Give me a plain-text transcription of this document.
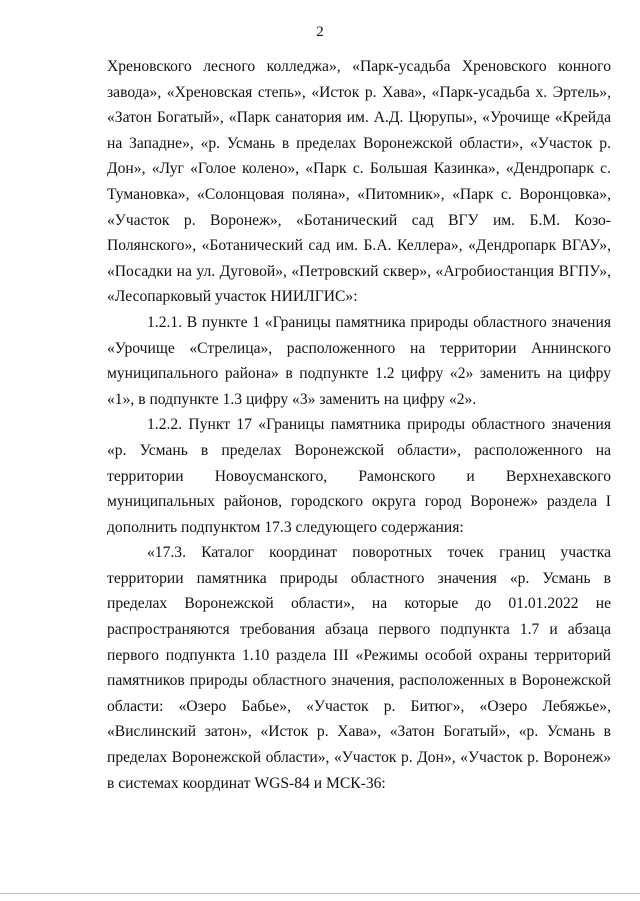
2

Хреновского лесного колледжа», «Парк-усадьба Хреновского конного завода», «Хреновская степь», «Исток р. Хава», «Парк-усадьба х. Эртель», «Затон Богатый», «Парк санатория им. А.Д. Цюрупы», «Урочище «Крейда на Западне», «р. Усмань в пределах Воронежской области», «Участок р. Дон», «Луг «Голое колено», «Парк с. Большая Казинка», «Дендропарк с. Тумановка», «Солонцовая поляна», «Питомник», «Парк с. Воронцовка», «Участок р. Воронеж», «Ботанический сад ВГУ им. Б.М. Козо-Полянского», «Ботанический сад им. Б.А. Келлера», «Дендропарк ВГАУ», «Посадки на ул. Дуговой», «Петровский сквер», «Агробиостанция ВГПУ», «Лесопарковый участок НИИЛГИС»:

1.2.1. В пункте 1 «Границы памятника природы областного значения «Урочище «Стрелица», расположенного на территории Аннинского муниципального района» в подпункте 1.2 цифру «2» заменить на цифру «1», в подпункте 1.3 цифру «3» заменить на цифру «2».

1.2.2. Пункт 17 «Границы памятника природы областного значения «р. Усмань в пределах Воронежской области», расположенного на территории Новоусманского, Рамонского и Верхнехавского муниципальных районов, городского округа город Воронеж» раздела I дополнить подпунктом 17.3 следующего содержания:

«17.3. Каталог координат поворотных точек границ участка территории памятника природы областного значения «р. Усмань в пределах Воронежской области», на которые до 01.01.2022 не распространяются требования абзаца первого подпункта 1.7 и абзаца первого подпункта 1.10 раздела III «Режимы особой охраны территорий памятников природы областного значения, расположенных в Воронежской области: «Озеро Бабье», «Участок р. Битюг», «Озеро Лебяжье», «Вислинский затон», «Исток р. Хава», «Затон Богатый», «р. Усмань в пределах Воронежской области», «Участок р. Дон», «Участок р. Воронеж» в системах координат WGS-84 и МСК-36:
